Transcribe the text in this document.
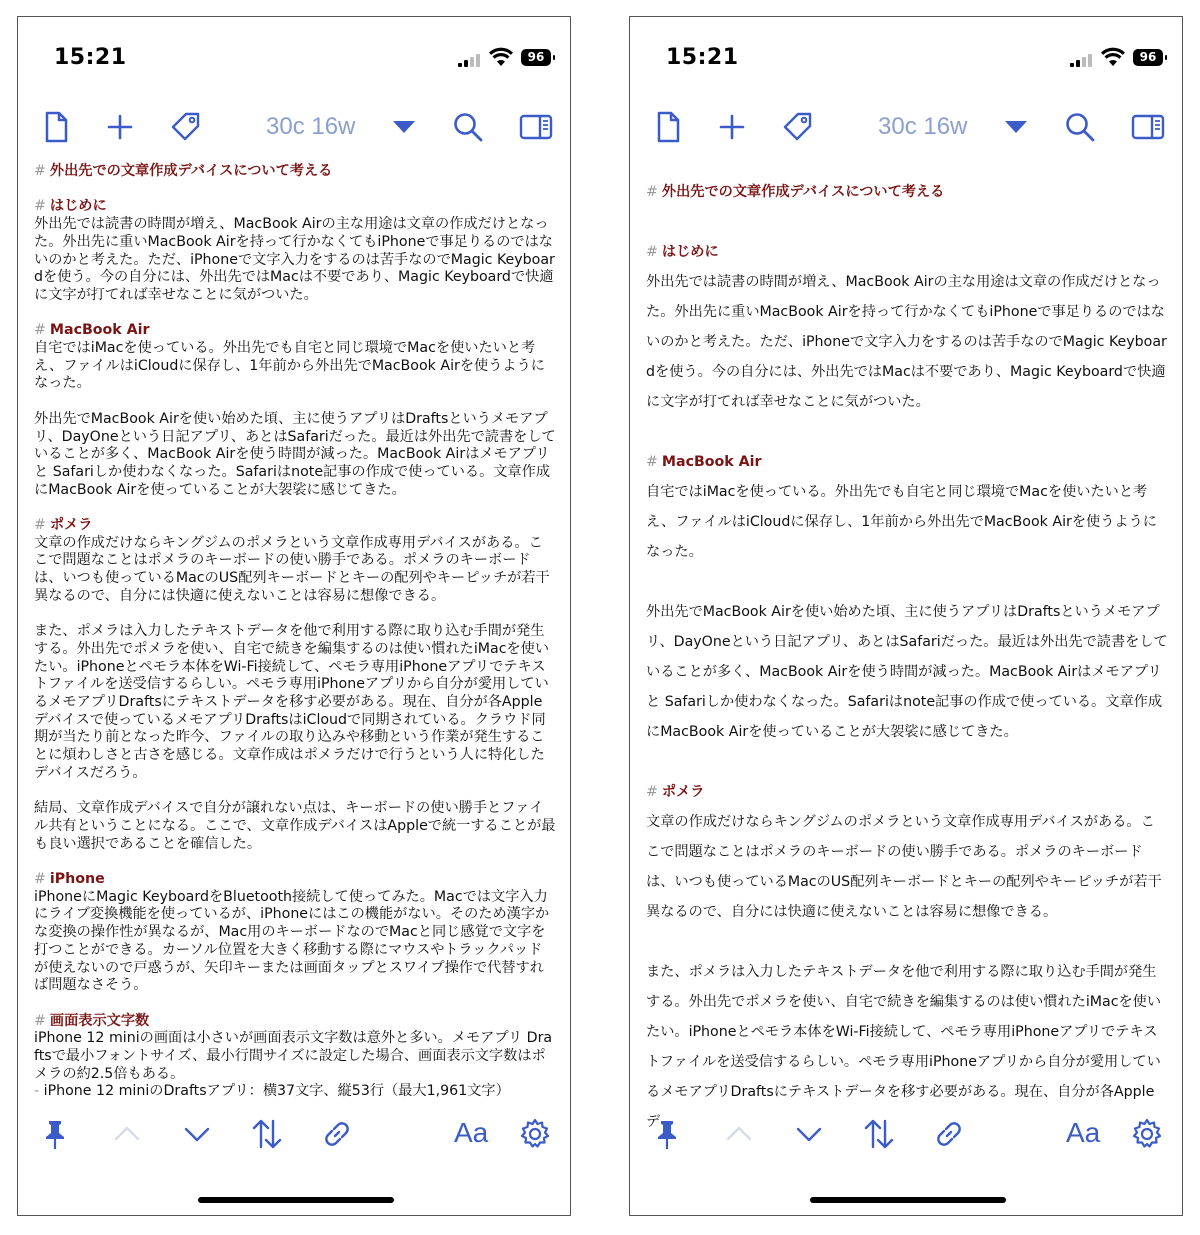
15:21	96
30c 16w

# 外出先での文章作成デバイスについて考える

# はじめに

外出先では読書の時間が増え、MacBook Airの主な用途は文章の作成だけとなった。外出先に重いMacBook Airを持って行かなくてもiPhoneで事足りるのではないのかと考えた。ただ、iPhoneで文字入力をするのは苦手なのでMagic Keyboardを使う。今の自分には、外出先ではMacは不要であり、Magic Keyboardで快適に文字が打てれば幸せなことに気がついた。

# MacBook Air

自宅ではiMacを使っている。外出先でも自宅と同じ環境でMacを使いたいと考え、ファイルはiCloudに保存し、1年前から外出先でMacBook Airを使うようになった。

外出先でMacBook Airを使い始めた頃、主に使うアプリはDraftsというメモアプリ、DayOneという日記アプリ、あとはSafariだった。最近は外出先で読書をしていることが多く、MacBook Airを使う時間が減った。MacBook Airはメモアプリと Safariしか使わなくなった。Safariはnote記事の作成で使っている。文章作成にMacBook Airを使っていることが大袈裟に感じてきた。

# ポメラ

文章の作成だけならキングジムのポメラという文章作成専用デバイスがある。ここで問題なことはポメラのキーボードの使い勝手である。ポメラのキーボードは、いつも使っているMacのUS配列キーボードとキーの配列やキーピッチが若干異なるので、自分には快適に使えないことは容易に想像できる。

また、ポメラは入力したテキストデータを他で利用する際に取り込む手間が発生する。外出先でポメラを使い、自宅で続きを編集するのは使い慣れたiMacを使いたい。iPhoneとペモラ本体をWi-Fi接続して、ペモラ専用iPhoneアプリでテキストファイルを送受信するらしい。ペモラ専用iPhoneアプリから自分が愛用しているメモアプリDraftsにテキストデータを移す必要がある。現在、自分が各Appleデバイスで使っているメモアプリDraftsはiCloudで同期されている。クラウド同期が当たり前となった昨今、ファイルの取り込みや移動という作業が発生することに煩わしさと古さを感じる。文章作成はポメラだけで行うという人に特化したデバイスだろう。

結局、文章作成デバイスで自分が譲れない点は、キーボードの使い勝手とファイル共有ということになる。ここで、文章作成デバイスはAppleで統一することが最も良い選択であることを確信した。

# iPhone

iPhoneにMagic KeyboardをBluetooth接続して使ってみた。Macでは文字入力にライブ変換機能を使っているが、iPhoneにはこの機能がない。そのため漢字かな変換の操作性が異なるが、Mac用のキーボードなのでMacと同じ感覚で文字を打つことができる。カーソル位置を大きく移動する際にマウスやトラックパッドが使えないので戸惑うが、矢印キーまたは画面タップとスワイプ操作で代替すれば問題なさそう。

# 画面表示文字数

iPhone 12 miniの画面は小さいが画面表示文字数は意外と多い。メモアプリ Draftsで最小フォントサイズ、最小行間サイズに設定した場合、画面表示文字数はポメラの約2.5倍もある。

- iPhone 12 miniのDraftsアプリ：横37文字、縦53行（最大1,961文字）

Aa
15:21	96
30c 16w

# 外出先での文章作成デバイスについて考える

# はじめに

外出先では読書の時間が増え、MacBook Airの主な用途は文章の作成だけとなった。外出先に重いMacBook Airを持って行かなくてもiPhoneで事足りるのではないのかと考えた。ただ、iPhoneで文字入力をするのは苦手なのでMagic Keyboardを使う。今の自分には、外出先ではMacは不要であり、Magic Keyboardで快適に文字が打てれば幸せなことに気がついた。

# MacBook Air

自宅ではiMacを使っている。外出先でも自宅と同じ環境でMacを使いたいと考え、ファイルはiCloudに保存し、1年前から外出先でMacBook Airを使うようになった。

外出先でMacBook Airを使い始めた頃、主に使うアプリはDraftsというメモアプリ、DayOneという日記アプリ、あとはSafariだった。最近は外出先で読書をしていることが多く、MacBook Airを使う時間が減った。MacBook Airはメモアプリと Safariしか使わなくなった。Safariはnote記事の作成で使っている。文章作成にMacBook Airを使っていることが大袈裟に感じてきた。

# ポメラ

文章の作成だけならキングジムのポメラという文章作成専用デバイスがある。ここで問題なことはポメラのキーボードの使い勝手である。ポメラのキーボードは、いつも使っているMacのUS配列キーボードとキーの配列やキーピッチが若干異なるので、自分には快適に使えないことは容易に想像できる。

また、ポメラは入力したテキストデータを他で利用する際に取り込む手間が発生する。外出先でポメラを使い、自宅で続きを編集するのは使い慣れたiMacを使いたい。iPhoneとペモラ本体をWi-Fi接続して、ペモラ専用iPhoneアプリでテキストファイルを送受信するらしい。ペモラ専用iPhoneアプリから自分が愛用しているメモアプリDraftsにテキストデータを移す必要がある。現在、自分が各Appleデ	Aa
